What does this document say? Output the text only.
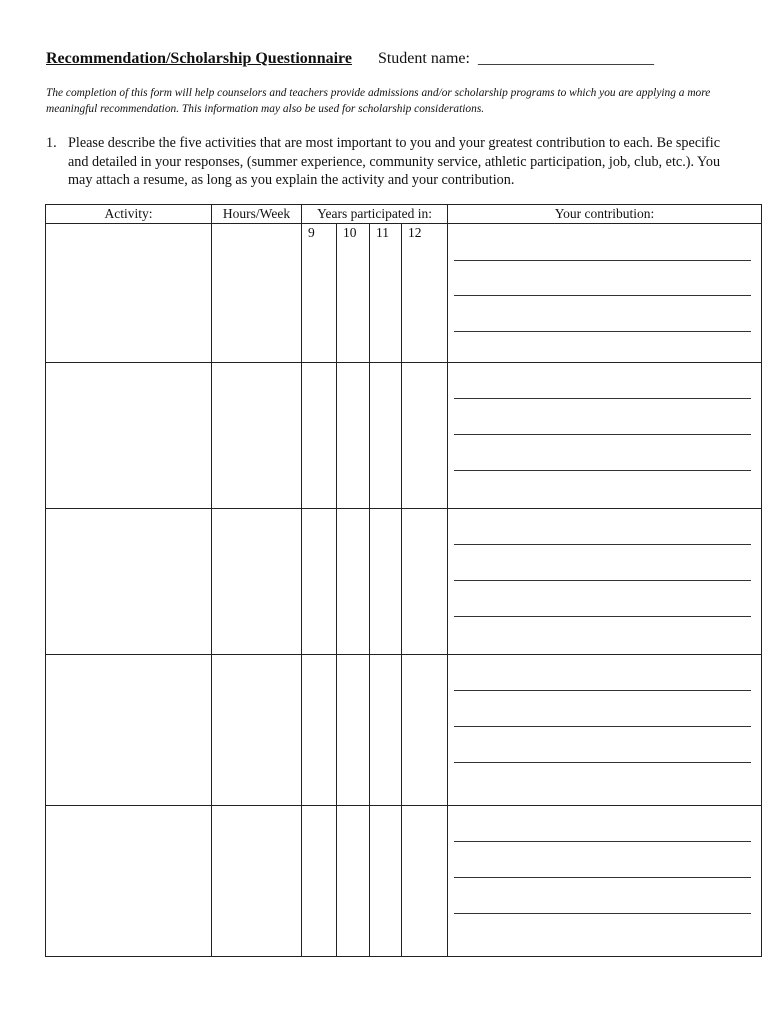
Recommendation/Scholarship Questionnaire Student name: ______________________
The completion of this form will help counselors and teachers provide admissions and/or scholarship programs to which you are applying a more meaningful recommendation. This information may also be used for scholarship considerations.
1. Please describe the five activities that are most important to you and your greatest contribution to each. Be specific and detailed in your responses, (summer experience, community service, athletic participation, job, club, etc.). You may attach a resume, as long as you explain the activity and your contribution.
Activity:	Hours/Week	Years participated in:				Your contribution:
		9	10	11	12	
